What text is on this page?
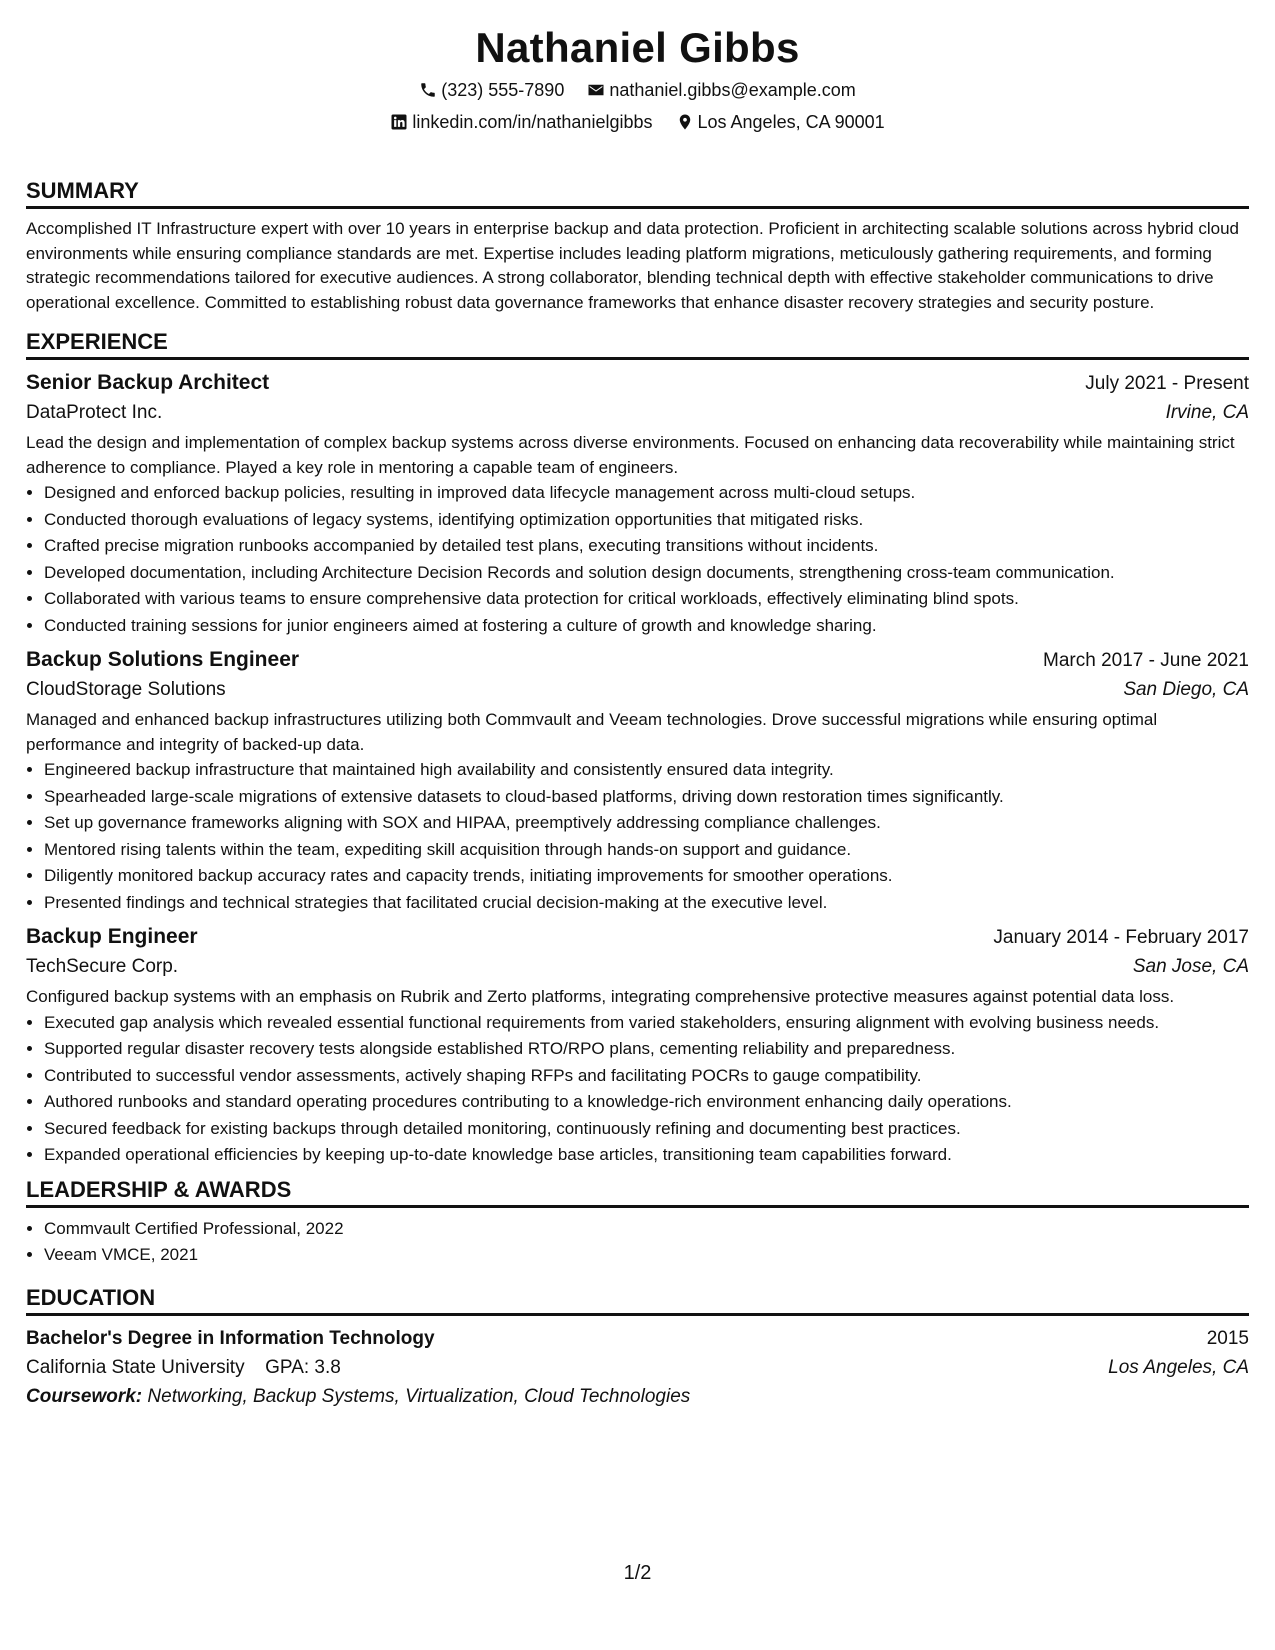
Nathaniel Gibbs
(323) 555-7890
	nathaniel.gibbs@example.com
linkedin.com/in/nathanielgibbs
	Los Angeles, CA 90001
SUMMARY
Accomplished IT Infrastructure expert with over 10 years in enterprise backup and data protection. Proficient in architecting scalable solutions across hybrid cloud environments while ensuring compliance standards are met. Expertise includes leading platform migrations, meticulously gathering requirements, and forming strategic recommendations tailored for executive audiences. A strong collaborator, blending technical depth with effective stakeholder communications to drive operational excellence. Committed to establishing robust data governance frameworks that enhance disaster recovery strategies and security posture.
EXPERIENCE
Senior Backup Architect	July 2021 - Present
DataProtect Inc.	Irvine, CA
Lead the design and implementation of complex backup systems across diverse environments. Focused on enhancing data recoverability while maintaining strict adherence to compliance. Played a key role in mentoring a capable team of engineers.
• Designed and enforced backup policies, resulting in improved data lifecycle management across multi-cloud setups.
• Conducted thorough evaluations of legacy systems, identifying optimization opportunities that mitigated risks.
• Crafted precise migration runbooks accompanied by detailed test plans, executing transitions without incidents.
• Developed documentation, including Architecture Decision Records and solution design documents, strengthening cross-team communication.
• Collaborated with various teams to ensure comprehensive data protection for critical workloads, effectively eliminating blind spots.
• Conducted training sessions for junior engineers aimed at fostering a culture of growth and knowledge sharing.
Backup Solutions Engineer	March 2017 - June 2021
CloudStorage Solutions	San Diego, CA
Managed and enhanced backup infrastructures utilizing both Commvault and Veeam technologies. Drove successful migrations while ensuring optimal performance and integrity of backed-up data.
• Engineered backup infrastructure that maintained high availability and consistently ensured data integrity.
• Spearheaded large-scale migrations of extensive datasets to cloud-based platforms, driving down restoration times significantly.
• Set up governance frameworks aligning with SOX and HIPAA, preemptively addressing compliance challenges.
• Mentored rising talents within the team, expediting skill acquisition through hands-on support and guidance.
• Diligently monitored backup accuracy rates and capacity trends, initiating improvements for smoother operations.
• Presented findings and technical strategies that facilitated crucial decision-making at the executive level.
Backup Engineer	January 2014 - February 2017
TechSecure Corp.	San Jose, CA
Configured backup systems with an emphasis on Rubrik and Zerto platforms, integrating comprehensive protective measures against potential data loss.
• Executed gap analysis which revealed essential functional requirements from varied stakeholders, ensuring alignment with evolving business needs.
• Supported regular disaster recovery tests alongside established RTO/RPO plans, cementing reliability and preparedness.
• Contributed to successful vendor assessments, actively shaping RFPs and facilitating POCRs to gauge compatibility.
• Authored runbooks and standard operating procedures contributing to a knowledge-rich environment enhancing daily operations.
• Secured feedback for existing backups through detailed monitoring, continuously refining and documenting best practices.
• Expanded operational efficiencies by keeping up-to-date knowledge base articles, transitioning team capabilities forward.
LEADERSHIP & AWARDS
• Commvault Certified Professional, 2022
• Veeam VMCE, 2021
EDUCATION
Bachelor's Degree in Information Technology	2015
California State University GPA: 3.8	Los Angeles, CA
Coursework: Networking, Backup Systems, Virtualization, Cloud Technologies
1/2
